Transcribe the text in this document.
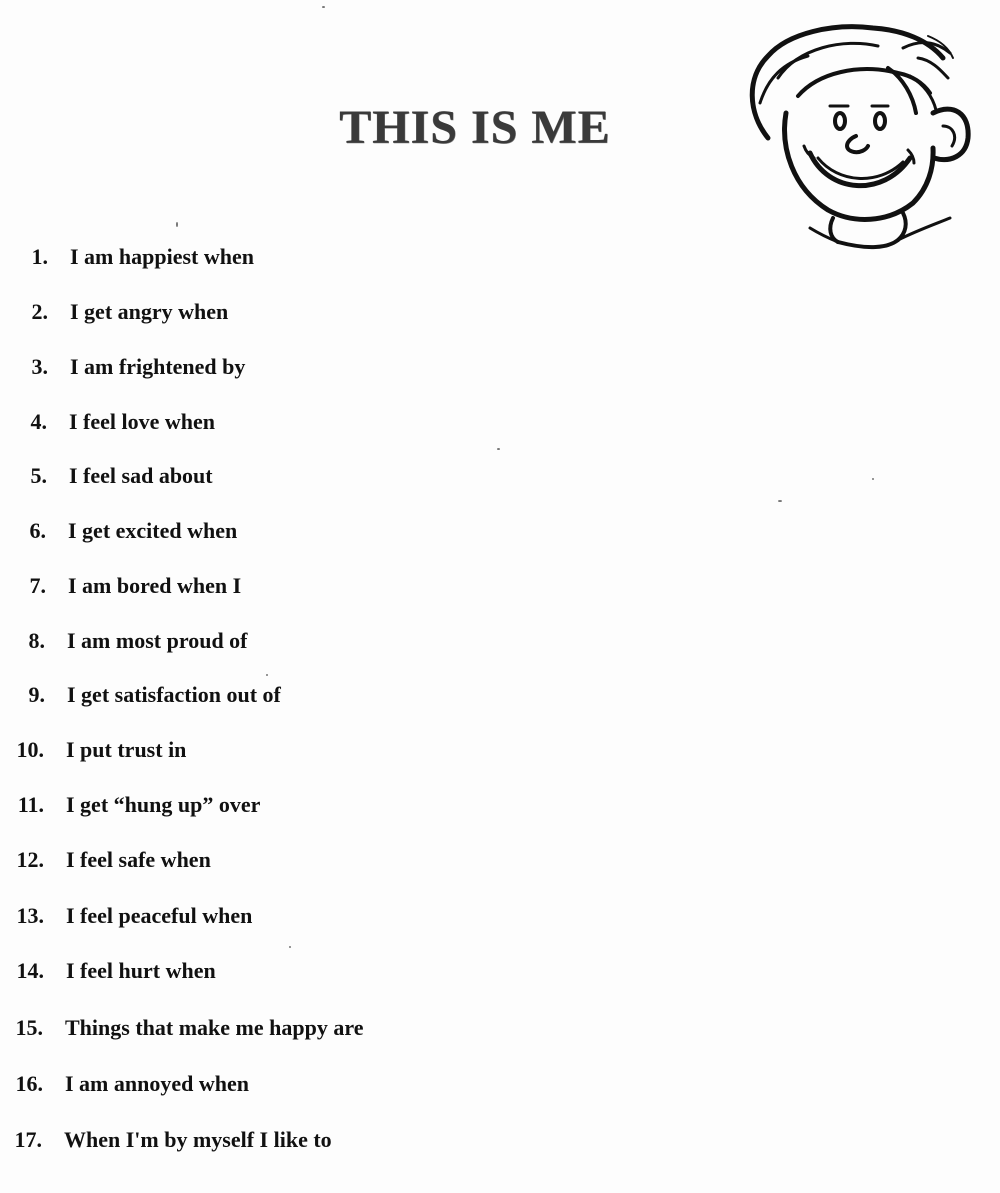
THIS IS ME
1. I am happiest when
2. I get angry when
3. I am frightened by
4. I feel love when
5. I feel sad about
6. I get excited when
7. I am bored when I
8. I am most proud of
9. I get satisfaction out of
10. I put trust in
11. I get “hung up” over
12. I feel safe when
13. I feel peaceful when
14. I feel hurt when
15. Things that make me happy are
16. I am annoyed when
17. When I'm by myself I like to
